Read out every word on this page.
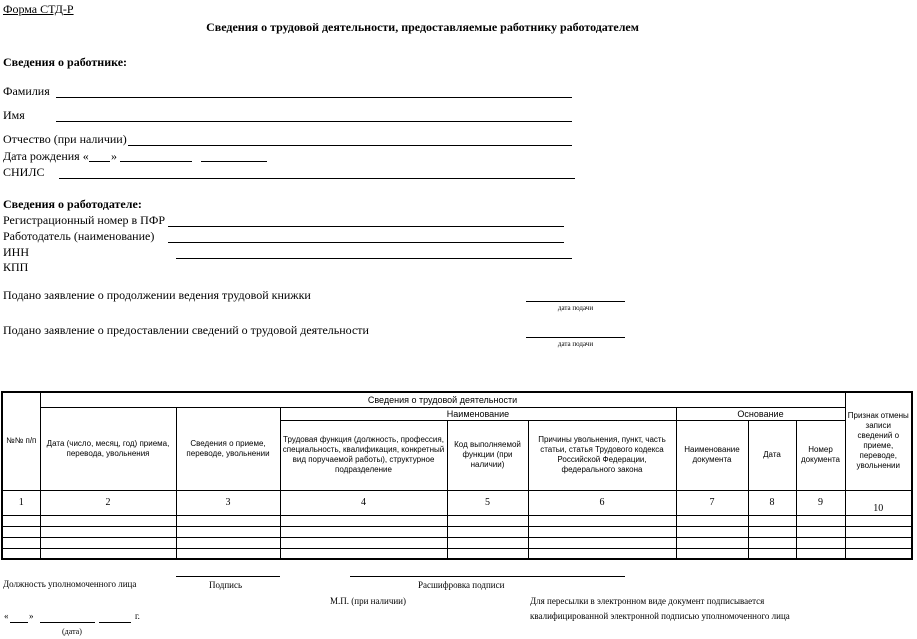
Форма СТД-Р
Сведения о трудовой деятельности, предоставляемые работнику работодателем
Сведения о работнике:
Фамилия
Имя
Отчество (при наличии)
Дата рождения « »
СНИЛС
Сведения о работодателе:
Регистрационный номер в ПФР
Работодатель (наименование)
ИНН
КПП
Подано заявление о продолжении ведения трудовой книжки
дата подачи
Подано заявление о предоставлении сведений о трудовой деятельности
дата подачи
№№ п/п	Сведения о трудовой деятельности								Признак отмены записи сведений о приеме, переводе, увольнении
	Дата (число, месяц, год) приема, перевода, увольнения	Сведения о приеме, переводе, увольнении	Наименование			Основание			
			Трудовая функция (должность, профессия, специальность, квалификация, конкретный вид поручаемой работы), структурное подразделение	Код выполняемой функции (при наличии)	Причины увольнения, пункт, часть статьи, статья Трудового кодекса Российской Федерации, федерального закона	Наименование документа	Дата	Номер документа	
1	2	3	4	5	6	7	8	9	10

Должность уполномоченного лица	Подпись	Расшифровка подписи
М.П. (при наличии)	Для пересылки в электронном виде документ подписывается
квалифицированной электронной подписью уполномоченного лица
« »	г.
(дата)
